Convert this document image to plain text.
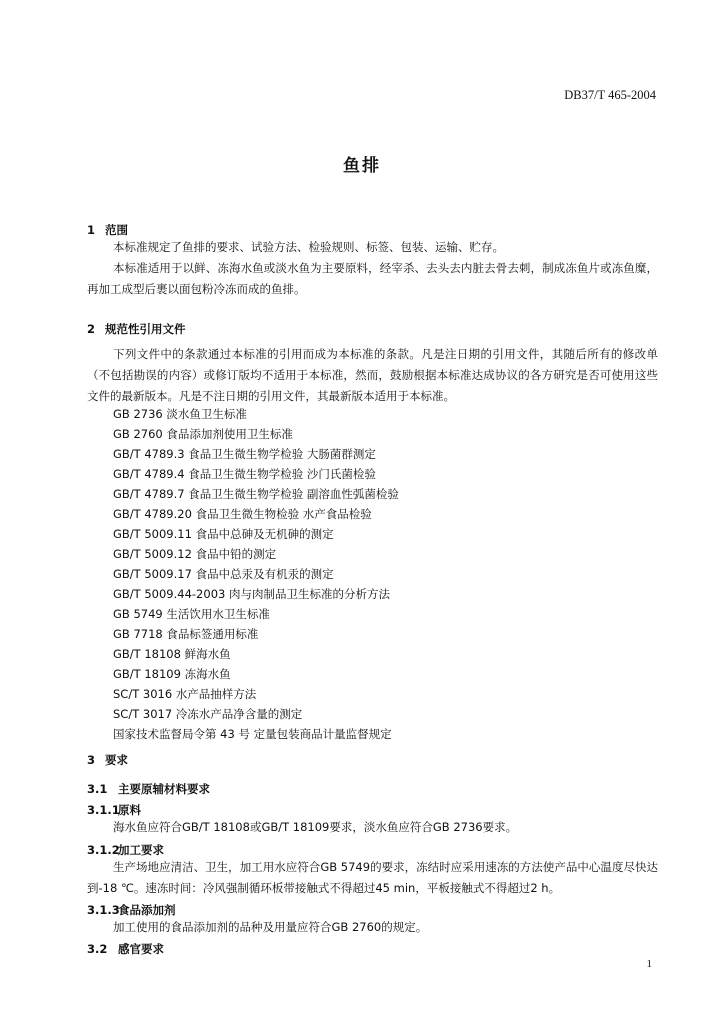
DB37/T 465-2004
鱼排
1 范围
本标准规定了鱼排的要求、试验方法、检验规则、标签、包装、运输、贮存。
本标准适用于以鲜、冻海水鱼或淡水鱼为主要原料，经宰杀、去头去内脏去骨去刺，制成冻鱼片或冻鱼糜，再加工成型后裹以面包粉冷冻而成的鱼排。
2 规范性引用文件
下列文件中的条款通过本标准的引用而成为本标准的条款。凡是注日期的引用文件，其随后所有的修改单（不包括勘误的内容）或修订版均不适用于本标准，然而，鼓励根据本标准达成协议的各方研究是否可使用这些文件的最新版本。凡是不注日期的引用文件，其最新版本适用于本标准。
GB 2736 淡水鱼卫生标准
GB 2760 食品添加剂使用卫生标准
GB/T 4789.3 食品卫生微生物学检验 大肠菌群测定
GB/T 4789.4 食品卫生微生物学检验 沙门氏菌检验
GB/T 4789.7 食品卫生微生物学检验 副溶血性弧菌检验
GB/T 4789.20 食品卫生微生物检验 水产食品检验
GB/T 5009.11 食品中总砷及无机砷的测定
GB/T 5009.12 食品中铅的测定
GB/T 5009.17 食品中总汞及有机汞的测定
GB/T 5009.44-2003 肉与肉制品卫生标准的分析方法
GB 5749 生活饮用水卫生标准
GB 7718 食品标签通用标准
GB/T 18108 鲜海水鱼
GB/T 18109 冻海水鱼
SC/T 3016 水产品抽样方法
SC/T 3017 冷冻水产品净含量的测定
国家技术监督局令第 43 号 定量包装商品计量监督规定
3 要求
3.1 主要原辅材料要求
3.1.1原料
海水鱼应符合GB/T 18108或GB/T 18109要求，淡水鱼应符合GB 2736要求。
3.1.2加工要求
生产场地应清洁、卫生，加工用水应符合GB 5749的要求，冻结时应采用速冻的方法使产品中心温度尽快达到-18 ℃。速冻时间：冷风强制循环板带接触式不得超过45 min，平板接触式不得超过2 h。
3.1.3食品添加剂
加工使用的食品添加剂的品种及用量应符合GB 2760的规定。
3.2 感官要求
1
